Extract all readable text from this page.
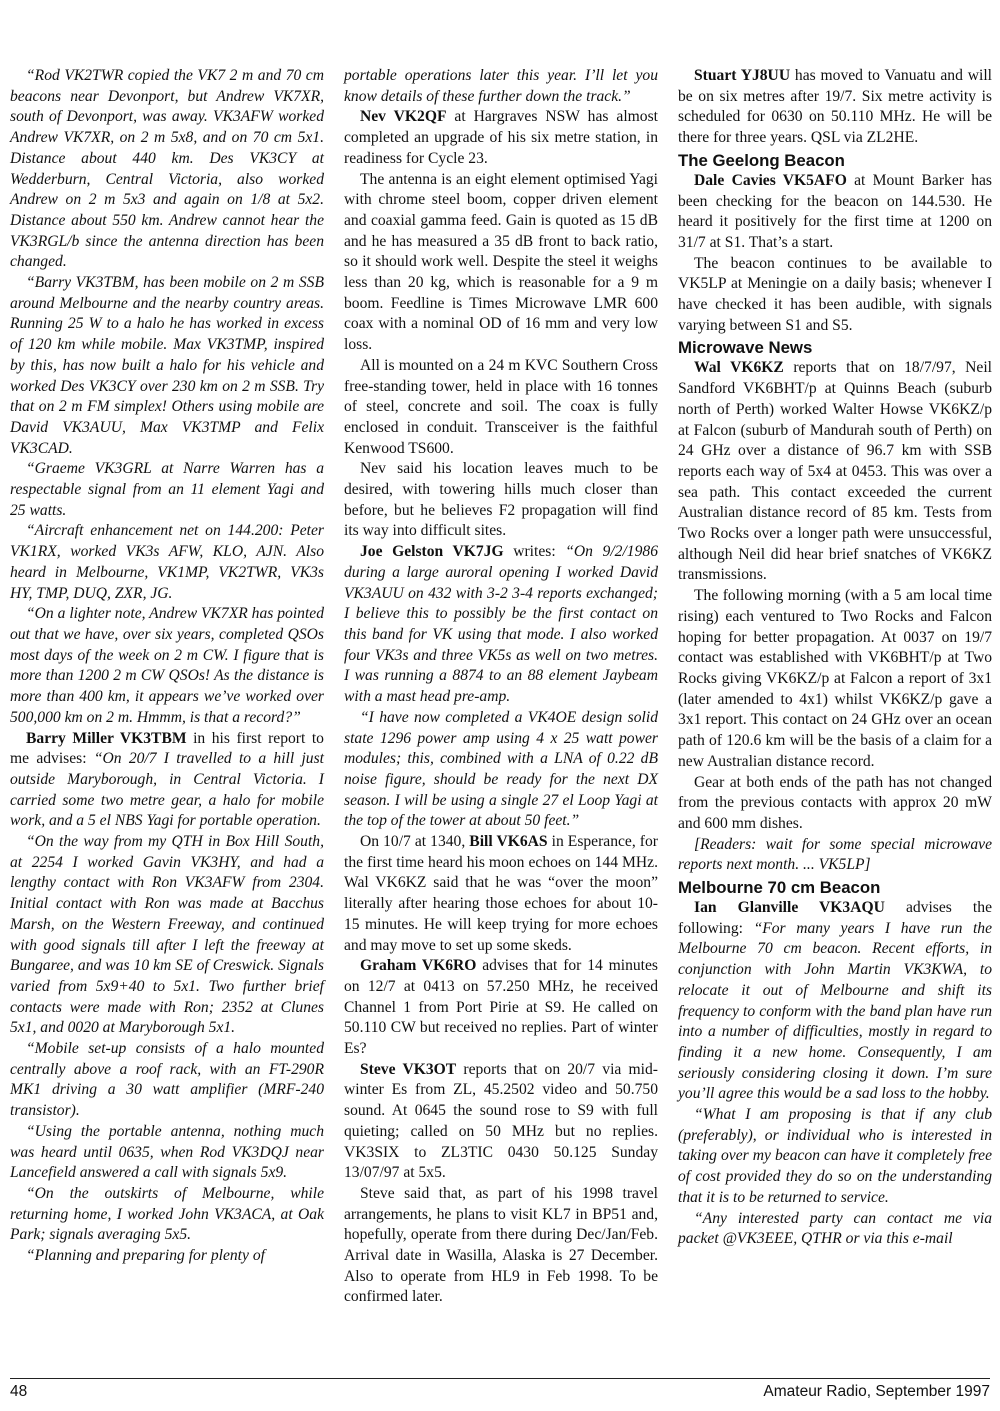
“Rod VK2TWR copied the VK7 2 m and 70 cm beacons near Devonport, but Andrew VK7XR, south of Devonport, was away. VK3AFW worked Andrew VK7XR, on 2 m 5x8, and on 70 cm 5x1. Distance about 440 km. Des VK3CY at Wedderburn, Central Victoria, also worked Andrew on 2 m 5x3 and again on 1/8 at 5x2. Distance about 550 km. Andrew cannot hear the VK3RGL/b since the antenna direction has been changed.

“Barry VK3TBM, has been mobile on 2 m SSB around Melbourne and the nearby country areas. Running 25 W to a halo he has worked in excess of 120 km while mobile. Max VK3TMP, inspired by this, has now built a halo for his vehicle and worked Des VK3CY over 230 km on 2 m SSB. Try that on 2 m FM simplex! Others using mobile are David VK3AUU, Max VK3TMP and Felix VK3CAD.

“Graeme VK3GRL at Narre Warren has a respectable signal from an 11 element Yagi and 25 watts.

“Aircraft enhancement net on 144.200: Peter VK1RX, worked VK3s AFW, KLO, AJN. Also heard in Melbourne, VK1MP, VK2TWR, VK3s HY, TMP, DUQ, ZXR, JG.

“On a lighter note, Andrew VK7XR has pointed out that we have, over six years, completed QSOs most days of the week on 2 m CW. I figure that is more than 1200 2 m CW QSOs! As the distance is more than 400 km, it appears we’ve worked over 500,000 km on 2 m. Hmmm, is that a record?”

Barry Miller VK3TBM in his first report to me advises: “On 20/7 I travelled to a hill just outside Maryborough, in Central Victoria. I carried some two metre gear, a halo for mobile work, and a 5 el NBS Yagi for portable operation.

“On the way from my QTH in Box Hill South, at 2254 I worked Gavin VK3HY, and had a lengthy contact with Ron VK3AFW from 2304. Initial contact with Ron was made at Bacchus Marsh, on the Western Freeway, and continued with good signals till after I left the freeway at Bungaree, and was 10 km SE of Creswick. Signals varied from 5x9+40 to 5x1. Two further brief contacts were made with Ron; 2352 at Clunes 5x1, and 0020 at Maryborough 5x1.

“Mobile set-up consists of a halo mounted centrally above a roof rack, with an FT-290R MK1 driving a 30 watt amplifier (MRF-240 transistor).

“Using the portable antenna, nothing much was heard until 0635, when Rod VK3DQJ near Lancefield answered a call with signals 5x9.

“On the outskirts of Melbourne, while returning home, I worked John VK3ACA, at Oak Park; signals averaging 5x5.

“Planning and preparing for plenty of

portable operations later this year. I’ll let you know details of these further down the track.”

Nev VK2QF at Hargraves NSW has almost completed an upgrade of his six metre station, in readiness for Cycle 23.

The antenna is an eight element optimised Yagi with chrome steel boom, copper driven element and coaxial gamma feed. Gain is quoted as 15 dB and he has measured a 35 dB front to back ratio, so it should work well. Despite the steel it weighs less than 20 kg, which is reasonable for a 9 m boom. Feedline is Times Microwave LMR 600 coax with a nominal OD of 16 mm and very low loss.

All is mounted on a 24 m KVC Southern Cross free-standing tower, held in place with 16 tonnes of steel, concrete and soil. The coax is fully enclosed in conduit. Transceiver is the faithful Kenwood TS600.

Nev said his location leaves much to be desired, with towering hills much closer than before, but he believes F2 propagation will find its way into difficult sites.

Joe Gelston VK7JG writes: “On 9/2/1986 during a large auroral opening I worked David VK3AUU on 432 with 3-2 3-4 reports exchanged; I believe this to possibly be the first contact on this band for VK using that mode. I also worked four VK3s and three VK5s as well on two metres. I was running a 8874 to an 88 element Jaybeam with a mast head pre-amp.

“I have now completed a VK4OE design solid state 1296 power amp using 4 x 25 watt power modules; this, combined with a LNA of 0.22 dB noise figure, should be ready for the next DX season. I will be using a single 27 el Loop Yagi at the top of the tower at about 50 feet.”

On 10/7 at 1340, Bill VK6AS in Esperance, for the first time heard his moon echoes on 144 MHz. Wal VK6KZ said that he was “over the moon” literally after hearing those echoes for about 10-15 minutes. He will keep trying for more echoes and may move to set up some skeds.

Graham VK6RO advises that for 14 minutes on 12/7 at 0413 on 57.250 MHz, he received Channel 1 from Port Pirie at S9. He called on 50.110 CW but received no replies. Part of winter Es?

Steve VK3OT reports that on 20/7 via mid-winter Es from ZL, 45.2502 video and 50.750 sound. At 0645 the sound rose to S9 with full quieting; called on 50 MHz but no replies. VK3SIX to ZL3TIC 0430 50.125 Sunday 13/07/97 at 5x5.

Steve said that, as part of his 1998 travel arrangements, he plans to visit KL7 in BP51 and, hopefully, operate from there during Dec/Jan/Feb. Arrival date in Wasilla, Alaska is 27 December. Also to operate from HL9 in Feb 1998. To be confirmed later.

Stuart YJ8UU has moved to Vanuatu and will be on six metres after 19/7. Six metre activity is scheduled for 0630 on 50.110 MHz. He will be there for three years. QSL via ZL2HE.

The Geelong Beacon

Dale Cavies VK5AFO at Mount Barker has been checking for the beacon on 144.530. He heard it positively for the first time at 1200 on 31/7 at S1. That’s a start.

The beacon continues to be available to VK5LP at Meningie on a daily basis; whenever I have checked it has been audible, with signals varying between S1 and S5.

Microwave News

Wal VK6KZ reports that on 18/7/97, Neil Sandford VK6BHT/p at Quinns Beach (suburb north of Perth) worked Walter Howse VK6KZ/p at Falcon (suburb of Mandurah south of Perth) on 24 GHz over a distance of 96.7 km with SSB reports each way of 5x4 at 0453. This was over a sea path. This contact exceeded the current Australian distance record of 85 km. Tests from Two Rocks over a longer path were unsuccessful, although Neil did hear brief snatches of VK6KZ transmissions.

The following morning (with a 5 am local time rising) each ventured to Two Rocks and Falcon hoping for better propagation. At 0037 on 19/7 contact was established with VK6BHT/p at Two Rocks giving VK6KZ/p at Falcon a report of 3x1 (later amended to 4x1) whilst VK6KZ/p gave a 3x1 report. This contact on 24 GHz over an ocean path of 120.6 km will be the basis of a claim for a new Australian distance record.

Gear at both ends of the path has not changed from the previous contacts with approx 20 mW and 600 mm dishes.

[Readers: wait for some special microwave reports next month. ... VK5LP]

Melbourne 70 cm Beacon

Ian Glanville VK3AQU advises the following: “For many years I have run the Melbourne 70 cm beacon. Recent efforts, in conjunction with John Martin VK3KWA, to relocate it out of Melbourne and shift its frequency to conform with the band plan have run into a number of difficulties, mostly in regard to finding it a new home. Consequently, I am seriously considering closing it down. I’m sure you’ll agree this would be a sad loss to the hobby.

“What I am proposing is that if any club (preferably), or individual who is interested in taking over my beacon can have it completely free of cost provided they do so on the understanding that it is to be returned to service.

“Any interested party can contact me via packet @VK3EEE, QTHR or via this e-mail

48	Amateur Radio, September 1997
